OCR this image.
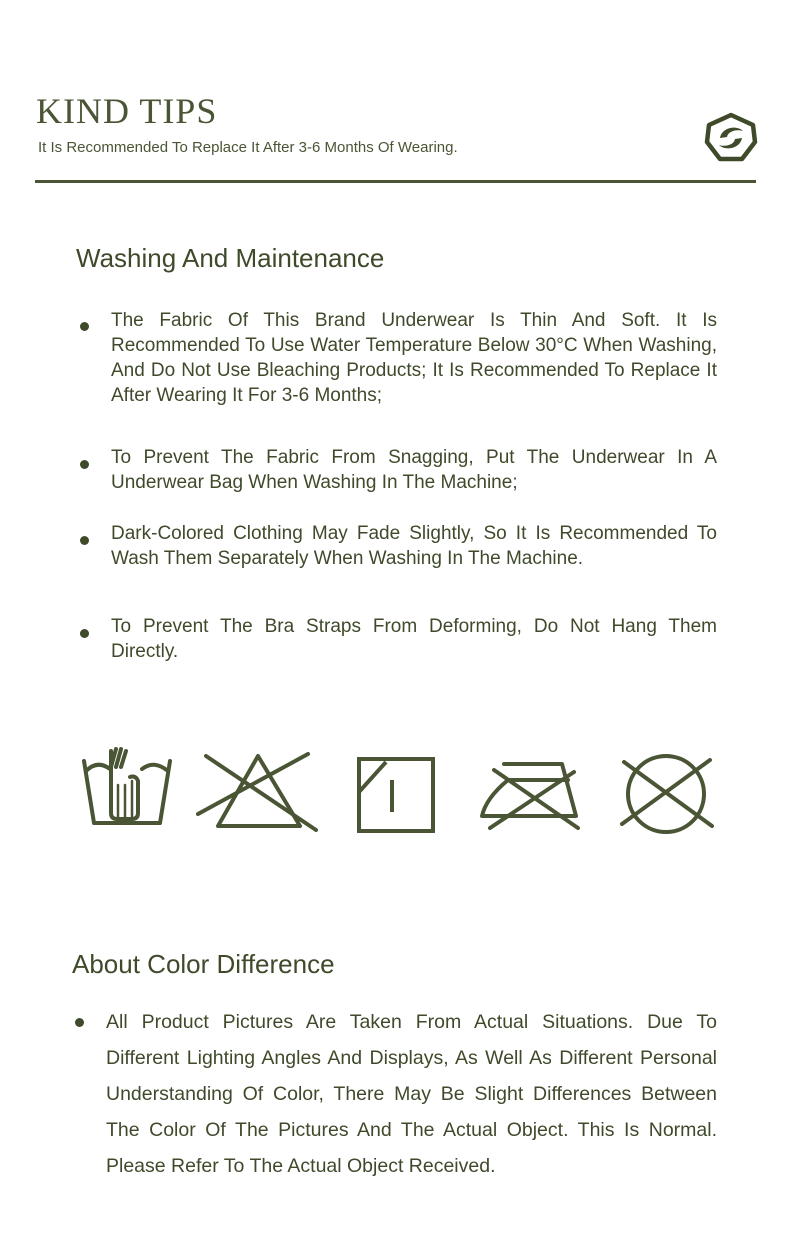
KIND TIPS

It Is Recommended To Replace It After 3-6 Months Of Wearing.

Washing And Maintenance
The Fabric Of This Brand Underwear Is Thin And Soft. It Is Recommended To Use Water Temperature Below 30°C When Washing, And Do Not Use Bleaching Products; It Is Recommended To Replace It After Wearing It For 3-6 Months;
To Prevent The Fabric From Snagging, Put The Underwear In A Underwear Bag When Washing In The Machine;
Dark-Colored Clothing May Fade Slightly, So It Is Recommended To Wash Them Separately When Washing In The Machine.
To Prevent The Bra Straps From Deforming, Do Not Hang Them Directly.
About Color Difference
All Product Pictures Are Taken From Actual Situations. Due To Different Lighting Angles And Displays, As Well As Different Personal Understanding Of Color, There May Be Slight Differences Between The Color Of The Pictures And The Actual Object. This Is Normal. Please Refer To The Actual Object Received.
